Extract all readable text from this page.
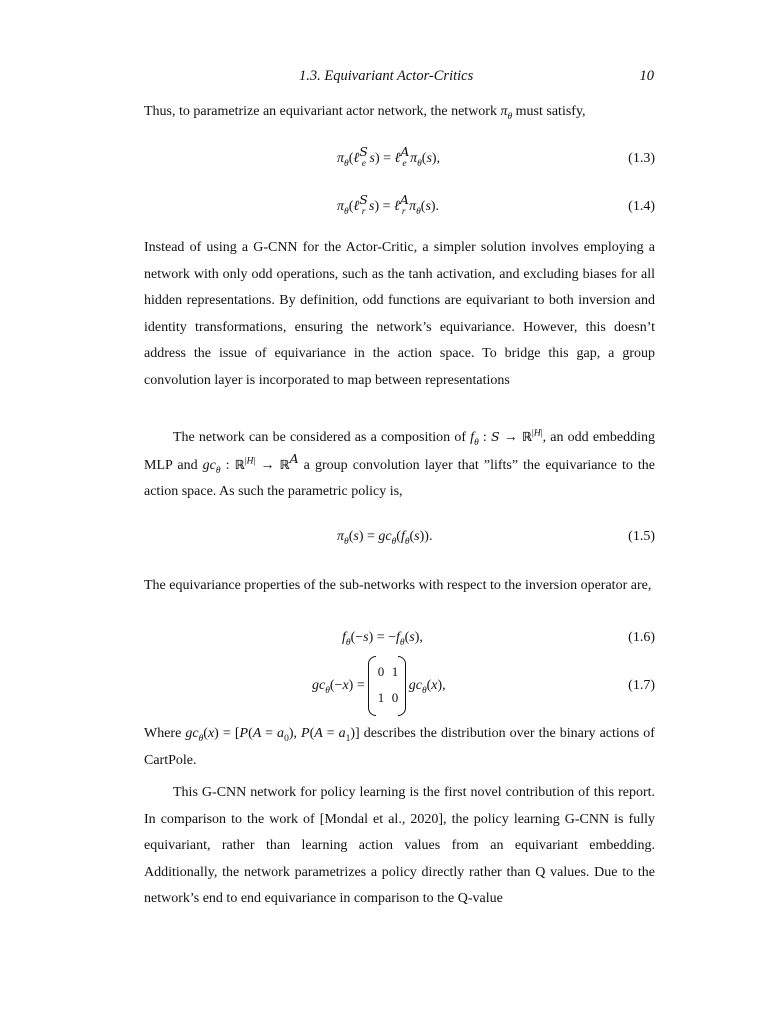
1.3. Equivariant Actor-Critics	10
Thus, to parametrize an equivariant actor network, the network $\pi_\theta$ must satisfy,
$\pi_\theta(\ell^S_e$ s) = ℓ$^A_e$ $\pi_\theta(s)$,	(1.3)
$\pi_\theta(\ell^S_r$ s) = ℓ$^A_r$ $\pi_\theta(s)$.	(1.4)
Instead of using a G-CNN for the Actor-Critic, a simpler solution involves employing a network with only odd operations, such as the tanh activation, and excluding biases for all hidden representations. By definition, odd functions are equivariant to both inversion and identity transformations, ensuring the network’s equivariance. However, this doesn’t address the issue of equivariance in the action space. To bridge this gap, a group convolution layer is incorporated to map between representations
The network can be considered as a composition of $f_\theta$ : S → ℝ$^{|H|}$, an odd embedding MLP and $gc_\theta$ : ℝ$^{|H|}$ → ℝ$^A$ a group convolution layer that ”lifts” the equivariance to the action space. As such the parametric policy is,
$\pi_\theta(s) = gc_\theta(f_\theta(s))$.	(1.5)
The equivariance properties of the sub-networks with respect to the inversion operator are,
$f_\theta(-s) = -f_\theta(s)$,	(1.6)
$gc_\theta(-x)$ =
0 1
1 0
$gc_\theta(x)$,	(1.7)
Where $gc_\theta(x) = [P(A = a_0)$, $P(A = a_1)$] describes the distribution over the binary actions of CartPole.
This G-CNN network for policy learning is the first novel contribution of this report. In comparison to the work of [Mondal et al., 2020], the policy learning G-CNN is fully equivariant, rather than learning action values from an equivariant embedding. Additionally, the network parametrizes a policy directly rather than Q values. Due to the network’s end to end equivariance in comparison to the Q-value
